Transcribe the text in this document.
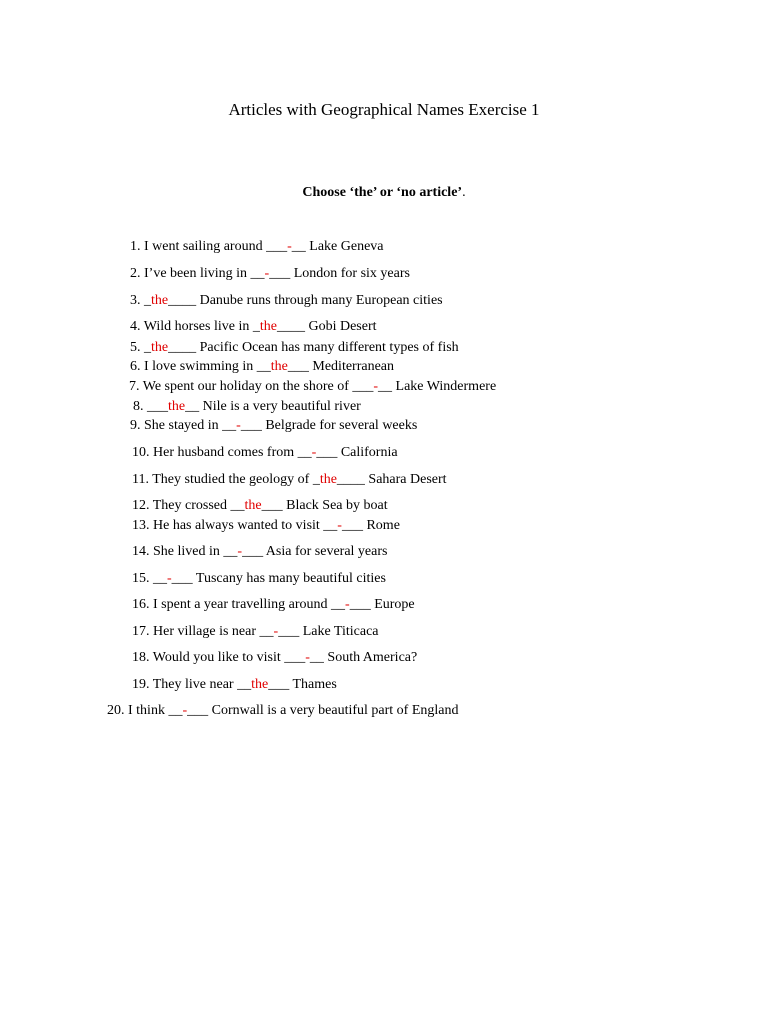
Articles with Geographical Names Exercise 1
Choose ‘the’ or ‘no article’.
1. I went sailing around ___-__ Lake Geneva
2. I’ve been living in __-___ London for six years
3. _the____ Danube runs through many European cities
4. Wild horses live in _the____ Gobi Desert
5. _the____ Pacific Ocean has many different types of fish
6. I love swimming in __the___ Mediterranean
7. We spent our holiday on the shore of ___-__ Lake Windermere
8. ___the__ Nile is a very beautiful river
9. She stayed in __-___ Belgrade for several weeks
10. Her husband comes from __-___ California
11. They studied the geology of _the____ Sahara Desert
12. They crossed __the___ Black Sea by boat
13. He has always wanted to visit __-___ Rome
14. She lived in __-___ Asia for several years
15. __-___ Tuscany has many beautiful cities
16. I spent a year travelling around __-___ Europe
17. Her village is near __-___ Lake Titicaca
18. Would you like to visit ___-__ South America?
19. They live near __the___ Thames
20. I think __-___ Cornwall is a very beautiful part of England
